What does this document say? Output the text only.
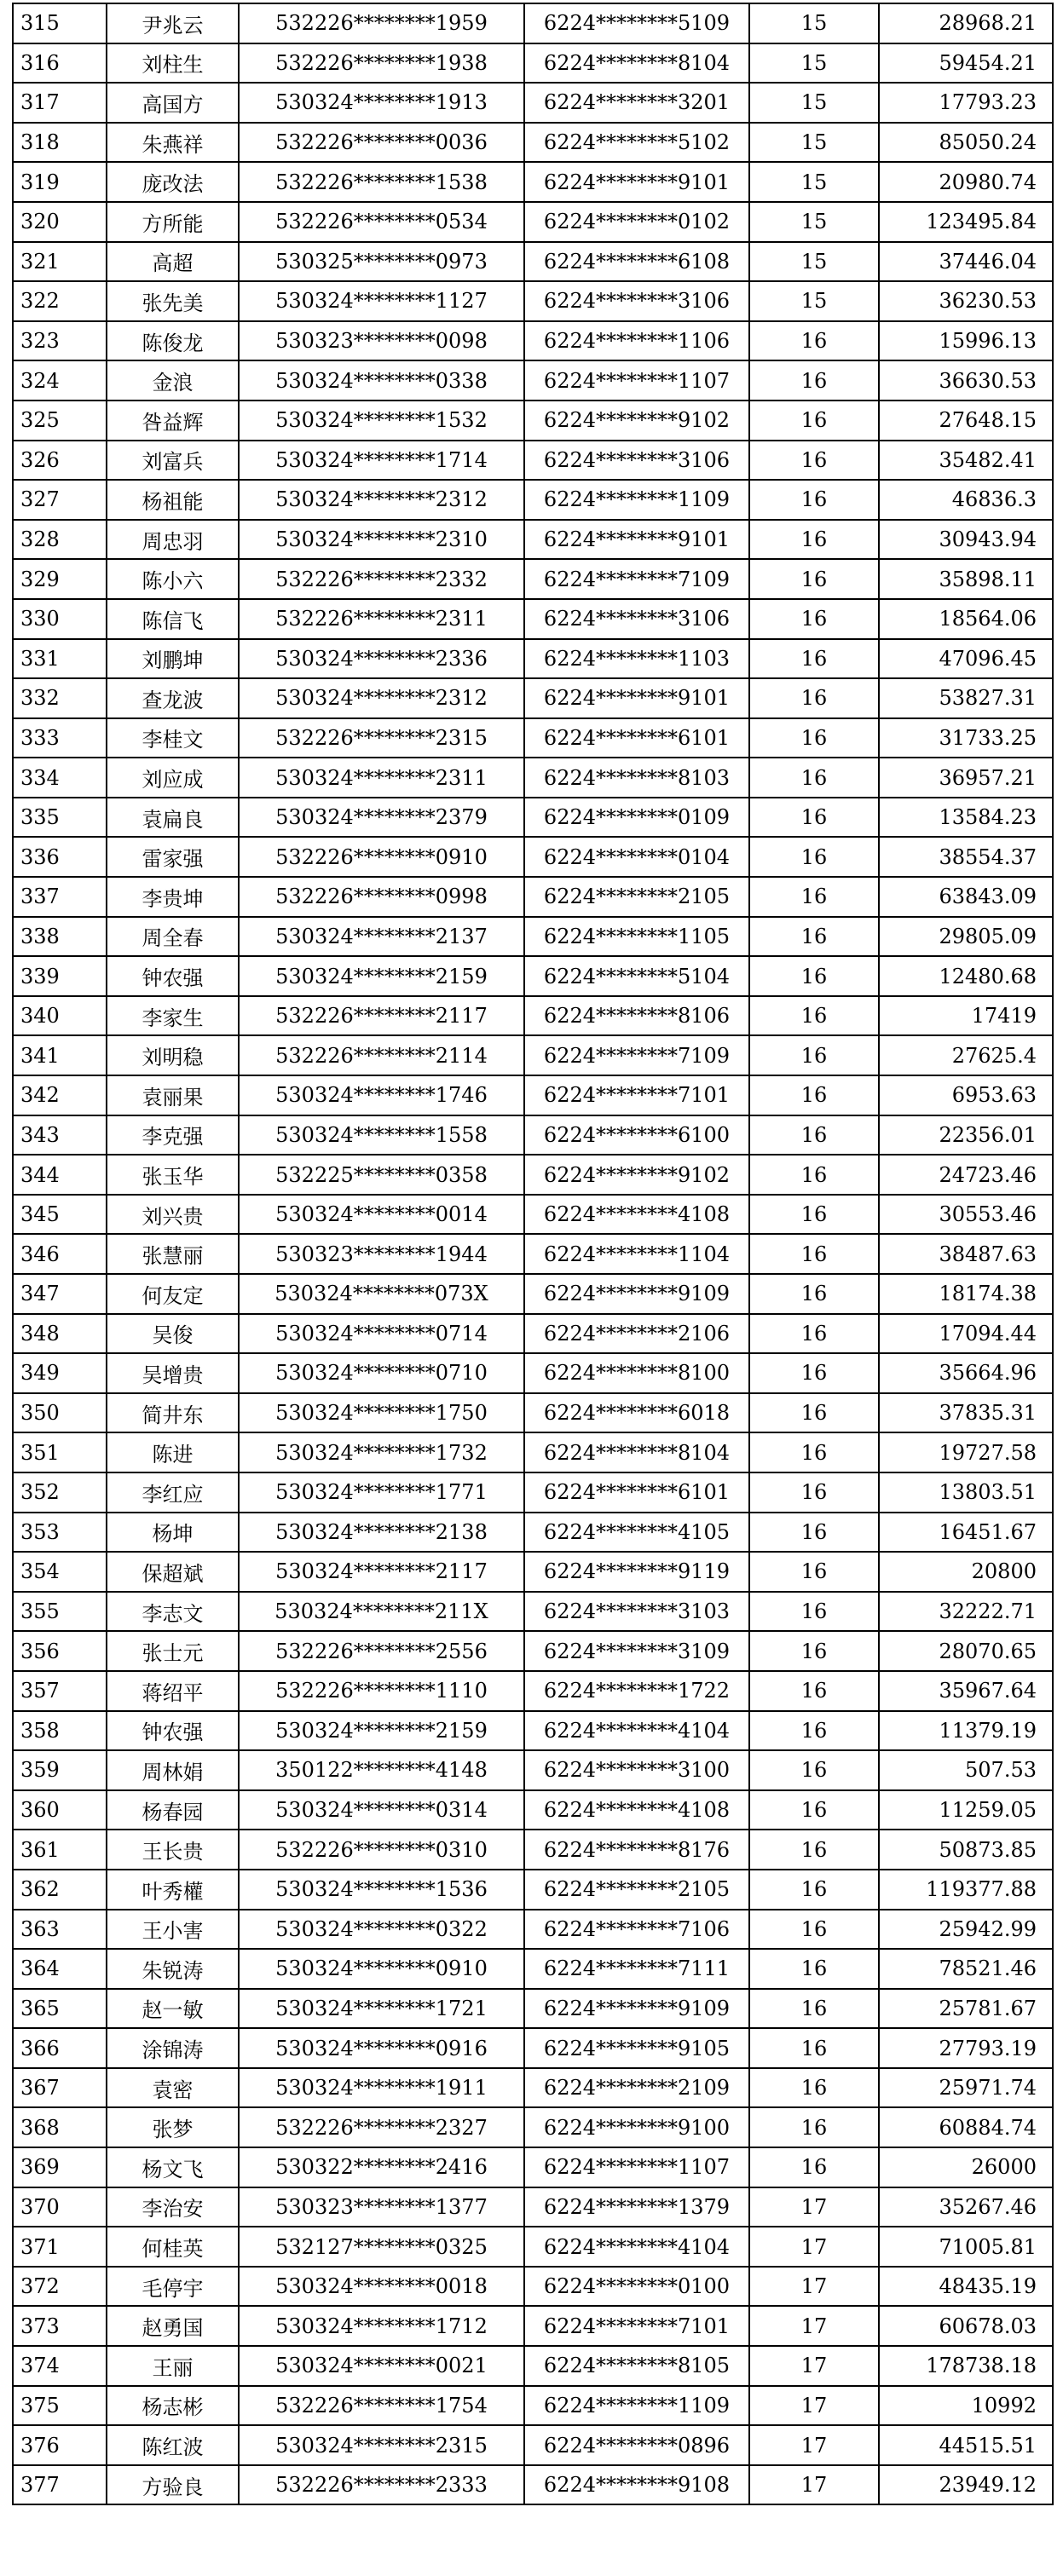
315	尹兆云	532226********1959	6224********5109	15	28968.21
316	刘柱生	532226********1938	6224********8104	15	59454.21
317	高国方	530324********1913	6224********3201	15	17793.23
318	朱燕祥	532226********0036	6224********5102	15	85050.24
319	庞改法	532226********1538	6224********9101	15	20980.74
320	方所能	532226********0534	6224********0102	15	123495.84
321	高超	530325********0973	6224********6108	15	37446.04
322	张先美	530324********1127	6224********3106	15	36230.53
323	陈俊龙	530323********0098	6224********1106	16	15996.13
324	金浪	530324********0338	6224********1107	16	36630.53
325	咎益辉	530324********1532	6224********9102	16	27648.15
326	刘富兵	530324********1714	6224********3106	16	35482.41
327	杨祖能	530324********2312	6224********1109	16	46836.3
328	周忠羽	530324********2310	6224********9101	16	30943.94
329	陈小六	532226********2332	6224********7109	16	35898.11
330	陈信飞	532226********2311	6224********3106	16	18564.06
331	刘鹏坤	530324********2336	6224********1103	16	47096.45
332	查龙波	530324********2312	6224********9101	16	53827.31
333	李桂文	532226********2315	6224********6101	16	31733.25
334	刘应成	530324********2311	6224********8103	16	36957.21
335	袁扁良	530324********2379	6224********0109	16	13584.23
336	雷家强	532226********0910	6224********0104	16	38554.37
337	李贵坤	532226********0998	6224********2105	16	63843.09
338	周全春	530324********2137	6224********1105	16	29805.09
339	钟农强	530324********2159	6224********5104	16	12480.68
340	李家生	532226********2117	6224********8106	16	17419
341	刘明稳	532226********2114	6224********7109	16	27625.4
342	袁丽果	530324********1746	6224********7101	16	6953.63
343	李克强	530324********1558	6224********6100	16	22356.01
344	张玉华	532225********0358	6224********9102	16	24723.46
345	刘兴贵	530324********0014	6224********4108	16	30553.46
346	张慧丽	530323********1944	6224********1104	16	38487.63
347	何友定	530324********073X	6224********9109	16	18174.38
348	吴俊	530324********0714	6224********2106	16	17094.44
349	吴增贵	530324********0710	6224********8100	16	35664.96
350	简井东	530324********1750	6224********6018	16	37835.31
351	陈进	530324********1732	6224********8104	16	19727.58
352	李红应	530324********1771	6224********6101	16	13803.51
353	杨坤	530324********2138	6224********4105	16	16451.67
354	保超斌	530324********2117	6224********9119	16	20800
355	李志文	530324********211X	6224********3103	16	32222.71
356	张士元	532226********2556	6224********3109	16	28070.65
357	蒋绍平	532226********1110	6224********1722	16	35967.64
358	钟农强	530324********2159	6224********4104	16	11379.19
359	周林娟	350122********4148	6224********3100	16	507.53
360	杨春园	530324********0314	6224********4108	16	11259.05
361	王长贵	532226********0310	6224********8176	16	50873.85
362	叶秀權	530324********1536	6224********2105	16	119377.88
363	王小害	530324********0322	6224********7106	16	25942.99
364	朱锐涛	530324********0910	6224********7111	16	78521.46
365	赵一敏	530324********1721	6224********9109	16	25781.67
366	涂锦涛	530324********0916	6224********9105	16	27793.19
367	袁密	530324********1911	6224********2109	16	25971.74
368	张梦	532226********2327	6224********9100	16	60884.74
369	杨文飞	530322********2416	6224********1107	16	26000
370	李治安	530323********1377	6224********1379	17	35267.46
371	何桂英	532127********0325	6224********4104	17	71005.81
372	毛停宇	530324********0018	6224********0100	17	48435.19
373	赵勇国	530324********1712	6224********7101	17	60678.03
374	王丽	530324********0021	6224********8105	17	178738.18
375	杨志彬	532226********1754	6224********1109	17	10992
376	陈红波	530324********2315	6224********0896	17	44515.51
377	方验良	532226********2333	6224********9108	17	23949.12
